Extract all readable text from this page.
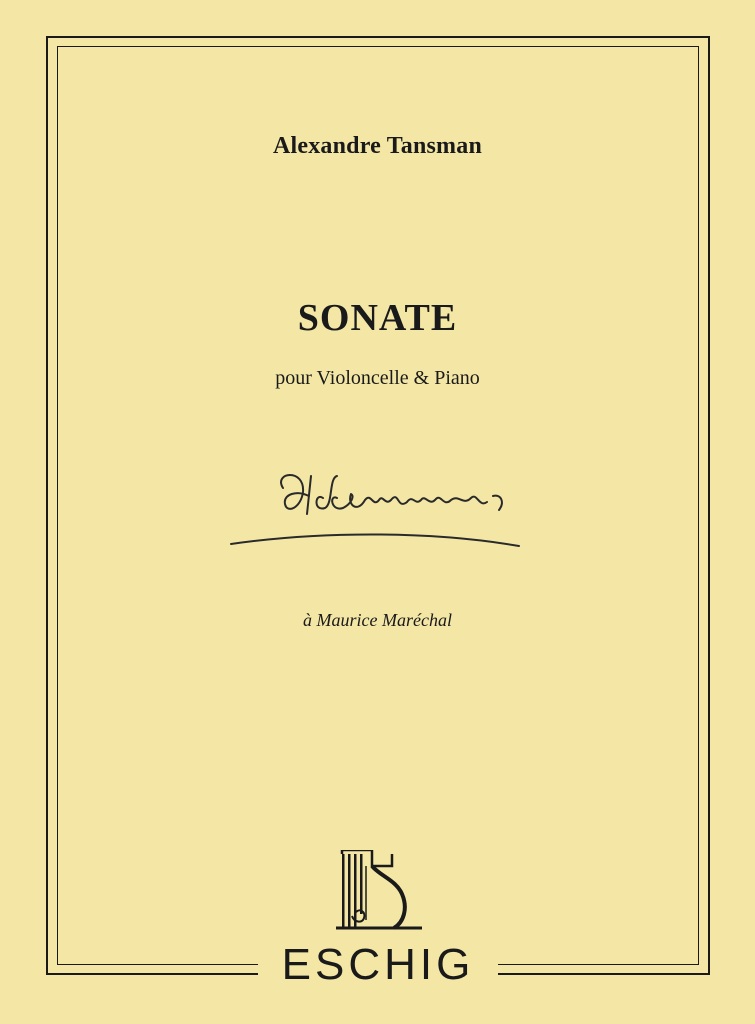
Alexandre Tansman
SONATE
pour Violoncelle & Piano
à Maurice Maréchal
ESCHIG
